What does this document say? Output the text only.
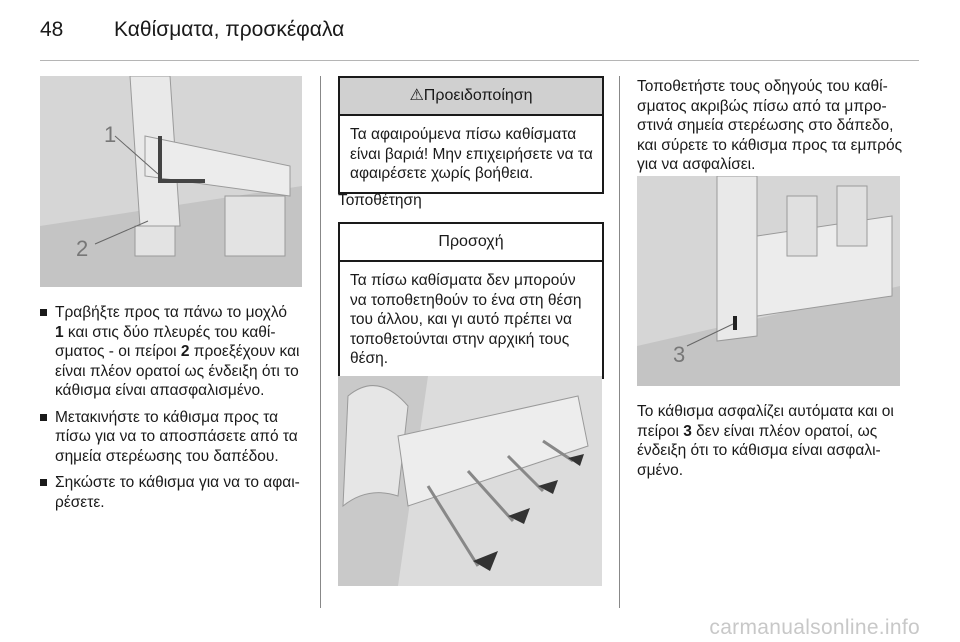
48 Καθίσματα, προσκέφαλα
1
2
Τραβήξτε προς τα πάνω το μοχλό
1 και στις δύο πλευρές του καθί-σματος - οι πείροι 2 προεξέχουν και είναι πλέον ορατοί ως ένδειξη ότι το κάθισμα είναι απασφαλισμένο.
Μετακινήστε το κάθισμα προς τα πίσω για να το αποσπάσετε από τα σημεία στερέωσης του δαπέδου.
Σηκώστε το κάθισμα για να το αφαι-ρέσετε.
⚠Προειδοποίηση
Τα αφαιρούμενα πίσω καθίσματα είναι βαριά! Μην επιχειρήσετε να τα αφαιρέσετε χωρίς βοήθεια.
Τοποθέτηση
Προσοχή
Τα πίσω καθίσματα δεν μπορούν να τοποθετηθούν το ένα στη θέση του άλλου, και γι αυτό πρέπει να τοποθετούνται στην αρχική τους θέση.
Τοποθετήστε τους οδηγούς του καθί-σματος ακριβώς πίσω από τα μπρο-στινά σημεία στερέωσης στο δάπεδο, και σύρετε το κάθισμα προς τα εμπρός για να ασφαλίσει.
3
Το κάθισμα ασφαλίζει αυτόματα και οι πείροι 3 δεν είναι πλέον ορατοί, ως ένδειξη ότι το κάθισμα είναι ασφαλι-σμένο.
carmanualsonline.info
